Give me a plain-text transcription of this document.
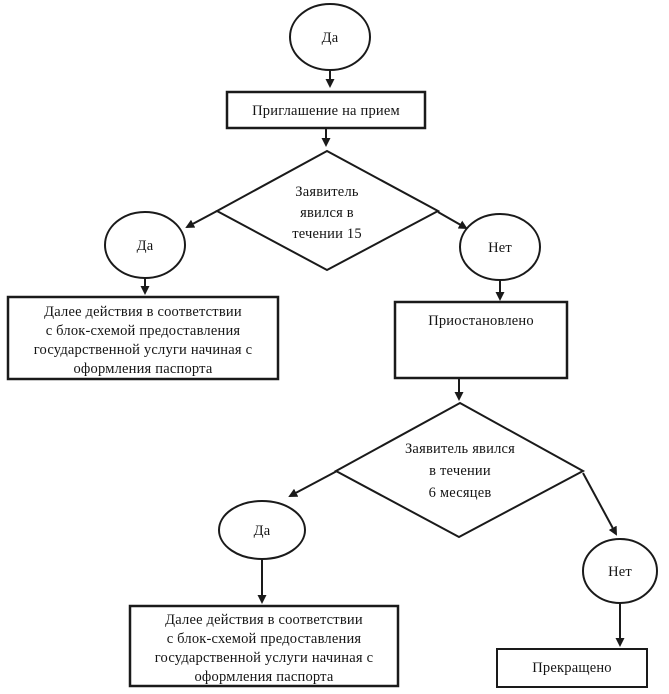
Да
Приглашение на прием
Заявитель
явился в
течении 15
Да	Нет
Далее действия в соответствии
с блок-схемой предоставления
государственной услуги начиная с
оформления паспорта
Приостановлено
Заявитель явился
в течении
6 месяцев
Да
Нет
Далее действия в соответствии
с блок-схемой предоставления
государственной услуги начиная с
оформления паспорта
Прекращено
